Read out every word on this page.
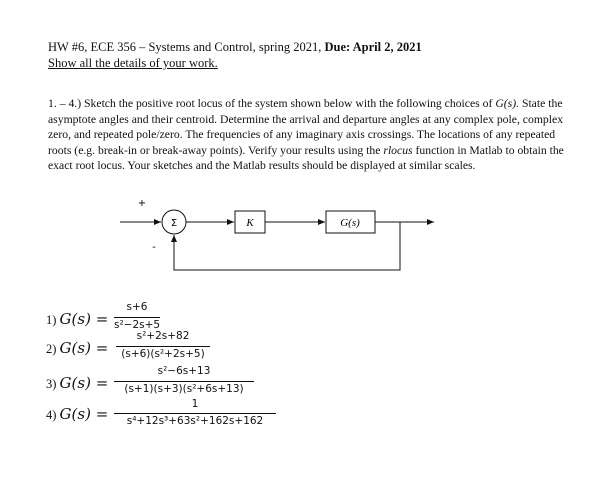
HW #6, ECE 356 – Systems and Control, spring 2021, Due: April 2, 2021
Show all the details of your work.

1. – 4.) Sketch the positive root locus of the system shown below with the following choices of G(s). State the asymptote angles and their centroid. Determine the arrival and departure angles at any complex pole, complex zero, and repeated pole/zero. The frequencies of any imaginary axis crossings. The locations of any repeated roots (e.g. break-in or break-away points). Verify your results using the rlocus function in Matlab to obtain the exact root locus. Your sketches and the Matlab results should be displayed at similar scales.

Σ
+
-
K	G(s)
1) G(s) =
s+6
s²−2s+5
2) G(s) =
s²+2s+82
(s+6)(s²+2s+5)
3) G(s) =
s²−6s+13
(s+1)(s+3)(s²+6s+13)
4) G(s) =
1
s⁴+12s³+63s²+162s+162
